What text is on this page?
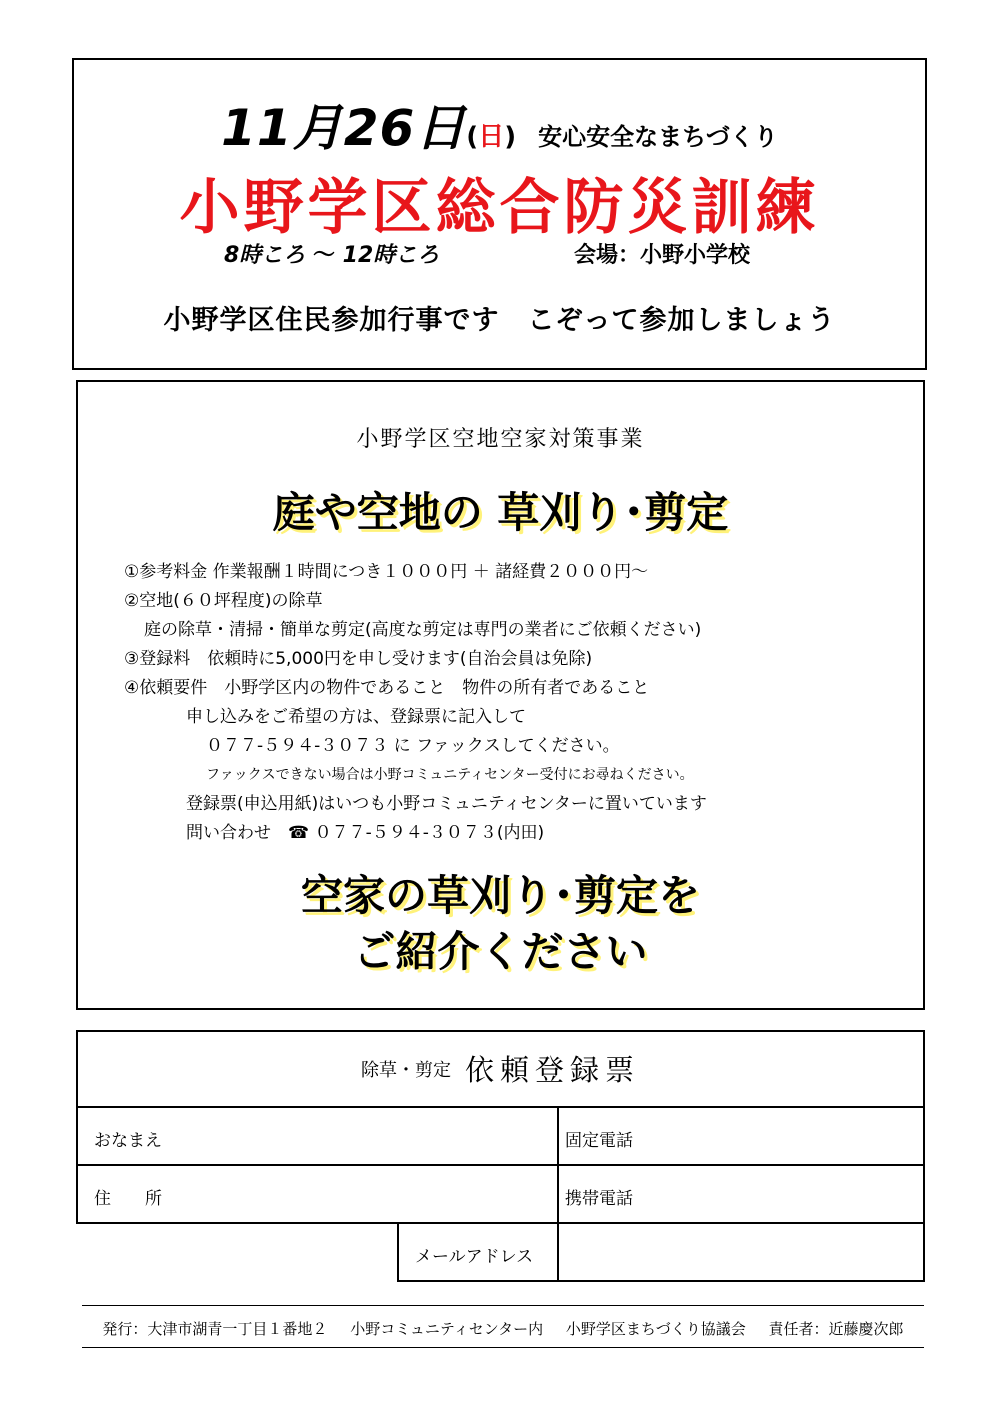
11月26日(日) 安心安全なまちづくり
小野学区総合防災訓練
8時ころ ～ 12時ころ	会場：小野小学校
小野学区住民参加行事です　こぞって参加しましょう
小野学区空地空家対策事業
庭や空地の 草刈り･剪定
①参考料金 作業報酬１時間につき１０００円 ＋ 諸経費２０００円～
②空地(６０坪程度)の除草
庭の除草・清掃・簡単な剪定(高度な剪定は専門の業者にご依頼ください)
③登録料　依頼時に5,000円を申し受けます(自治会員は免除)
④依頼要件　小野学区内の物件であること　物件の所有者であること
申し込みをご希望の方は、登録票に記入して
０７７-５９４-３０７３ に ファックスしてください。
ファックスできない場合は小野コミュニティセンター受付にお尋ねください。
登録票(申込用紙)はいつも小野コミュニティセンターに置いています
問い合わせ　☎ ０７７-５９４-３０７３(内田)
空家の草刈り･剪定を
ご紹介ください
除草・剪定 依頼登録票
おなまえ	固定電話
住　　所	携帯電話
メールアドレス
発行：大津市湖青一丁目１番地２ 小野コミュニティセンター内 小野学区まちづくり協議会 責任者：近藤慶次郎
